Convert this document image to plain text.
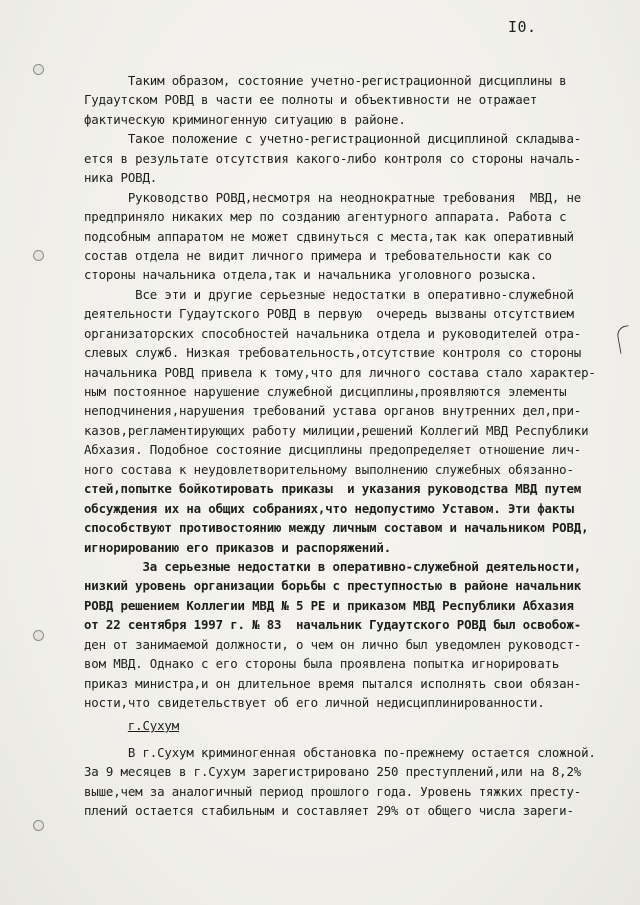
I0.
Таким образом, состояние учетно-регистрационной дисциплины в
Гудаутском РОВД в части ее полноты и объективности не отражает
фактическую криминогенную ситуацию в районе.
Такое положение с учетно-регистрационной дисциплиной складыва-
ется в результате отсутствия какого-либо контроля со стороны началь-
ника РОВД.
Руководство РОВД,несмотря на неоднократные требования  МВД, не
предприняло никаких мер по созданию агентурного аппарата. Работа с
подсобным аппаратом не может сдвинуться с места,так как оперативный
состав отдела не видит личного примера и требовательности как со
стороны начальника отдела,так и начальника уголовного розыска.
Все эти и другие серьезные недостатки в оперативно-служебной
деятельности Гудаутского РОВД в первую  очередь вызваны отсутствием
организаторских способностей начальника отдела и руководителей отра-
слевых служб. Низкая требовательность,отсутствие контроля со стороны
начальника РОВД привела к тому,что для личного состава стало характер-
ным постоянное нарушение служебной дисциплины,проявляются элементы
неподчинения,нарушения требований устава органов внутренних дел,при-
казов,регламентирующих работу милиции,решений Коллегий МВД Республики
Абхазия. Подобное состояние дисциплины предопределяет отношение лич-
ного состава к неудовлетворительному выполнению служебных обязанно-
стей,попытке бойкотировать приказы  и указания руководства МВД путем
обсуждения их на общих собраниях,что недопустимо Уставом. Эти факты
способствуют противостоянию между личным составом и начальником РОВД,
игнорированию его приказов и распоряжений.
За серьезные недостатки в оперативно-служебной деятельности,
низкий уровень организации борьбы с преступностью в районе начальник
РОВД решением Коллегии МВД № 5 РЕ и приказом МВД Республики Абхазия
от 22 сентября 1997 г. № 83  начальник Гудаутского РОВД был освобож-
ден от занимаемой должности, о чем он лично был уведомлен руководст-
вом МВД. Однако с его стороны была проявлена попытка игнорировать
приказ министра,и он длительное время пытался исполнять свои обязан-
ности,что свидетельствует об его личной недисциплинированности.
г.Сухум
В г.Сухум криминогенная обстановка по-прежнему остается сложной.
За 9 месяцев в г.Сухум зарегистрировано 250 преступлений,или на 8,2%
выше,чем за аналогичный период прошлого года. Уровень тяжких престу-
плений остается стабильным и составляет 29% от общего числа зареги-
